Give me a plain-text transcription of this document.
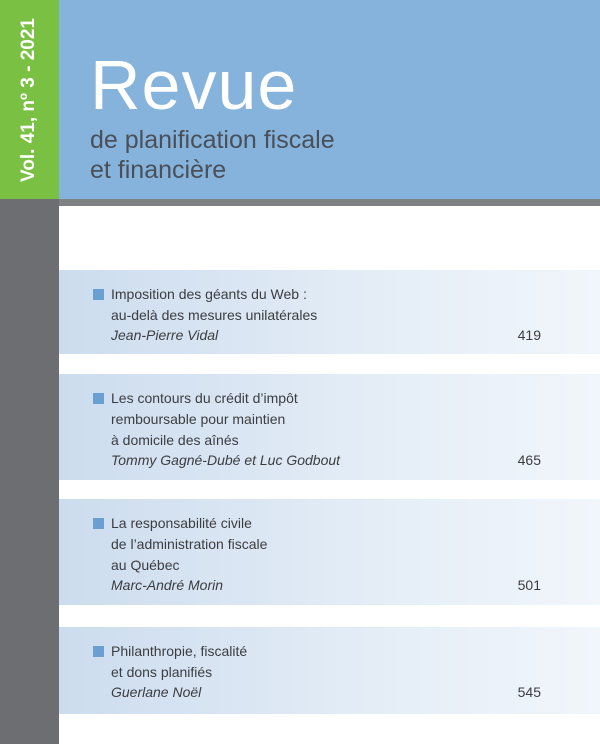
Vol. 41, nº 3 - 2021 Revue
de planification fiscale
et financière
Imposition des géants du Web :
au-delà des mesures unilatérales
Jean-Pierre Vidal	419
Les contours du crédit d’impôt
remboursable pour maintien
à domicile des aînés
Tommy Gagné-Dubé et Luc Godbout	465
La responsabilité civile
de l’administration fiscale
au Québec
Marc-André Morin	501
Philanthropie, fiscalité
et dons planifiés
Guerlane Noël	545
